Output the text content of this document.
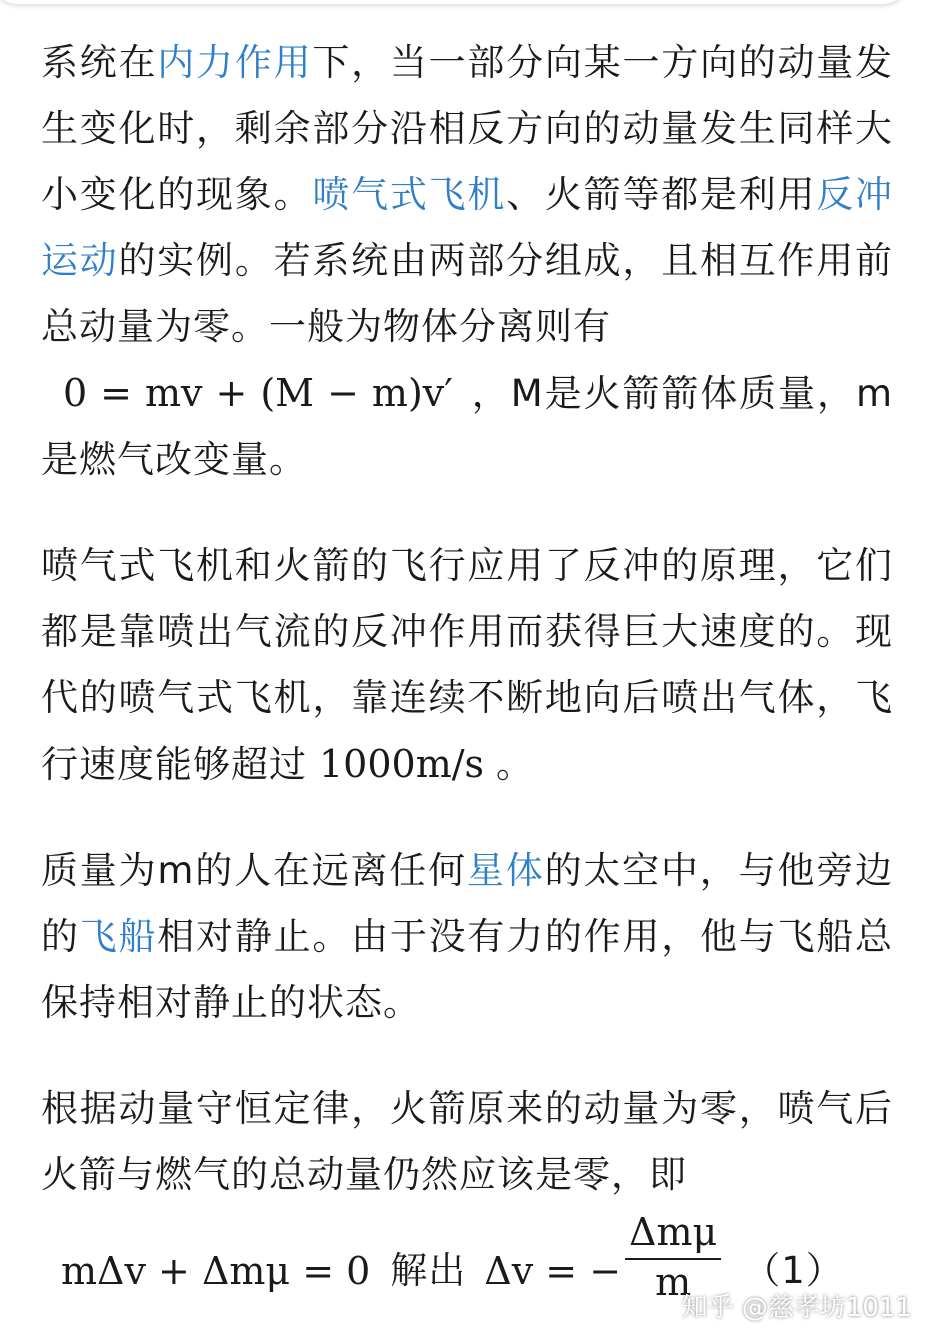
系统在内力作用下，当一部分向某一方向的动量发生变化时，剩余部分沿相反方向的动量发生同样大小变化的现象。喷气式飞机、火箭等都是利用反冲运动的实例。若系统由两部分组成，且相互作用前总动量为零。一般为物体分离则有
0 = mv + (M − m)v′ ，M是火箭箭体质量，m是燃气改变量。

喷气式飞机和火箭的飞行应用了反冲的原理，它们都是靠喷出气流的反冲作用而获得巨大速度的。现代的喷气式飞机，靠连续不断地向后喷出气体，飞行速度能够超过 1000m/s 。

质量为m的人在远离任何星体的太空中，与他旁边的飞船相对静止。由于没有力的作用，他与飞船总保持相对静止的状态。

根据动量守恒定律，火箭原来的动量为零，喷气后火箭与燃气的总动量仍然应该是零，即
mΔv + Δmμ = 0 解出 Δv = − $\frac{\text{Δmμ}}{m} (1)$
知乎 @慈孝坊1011
